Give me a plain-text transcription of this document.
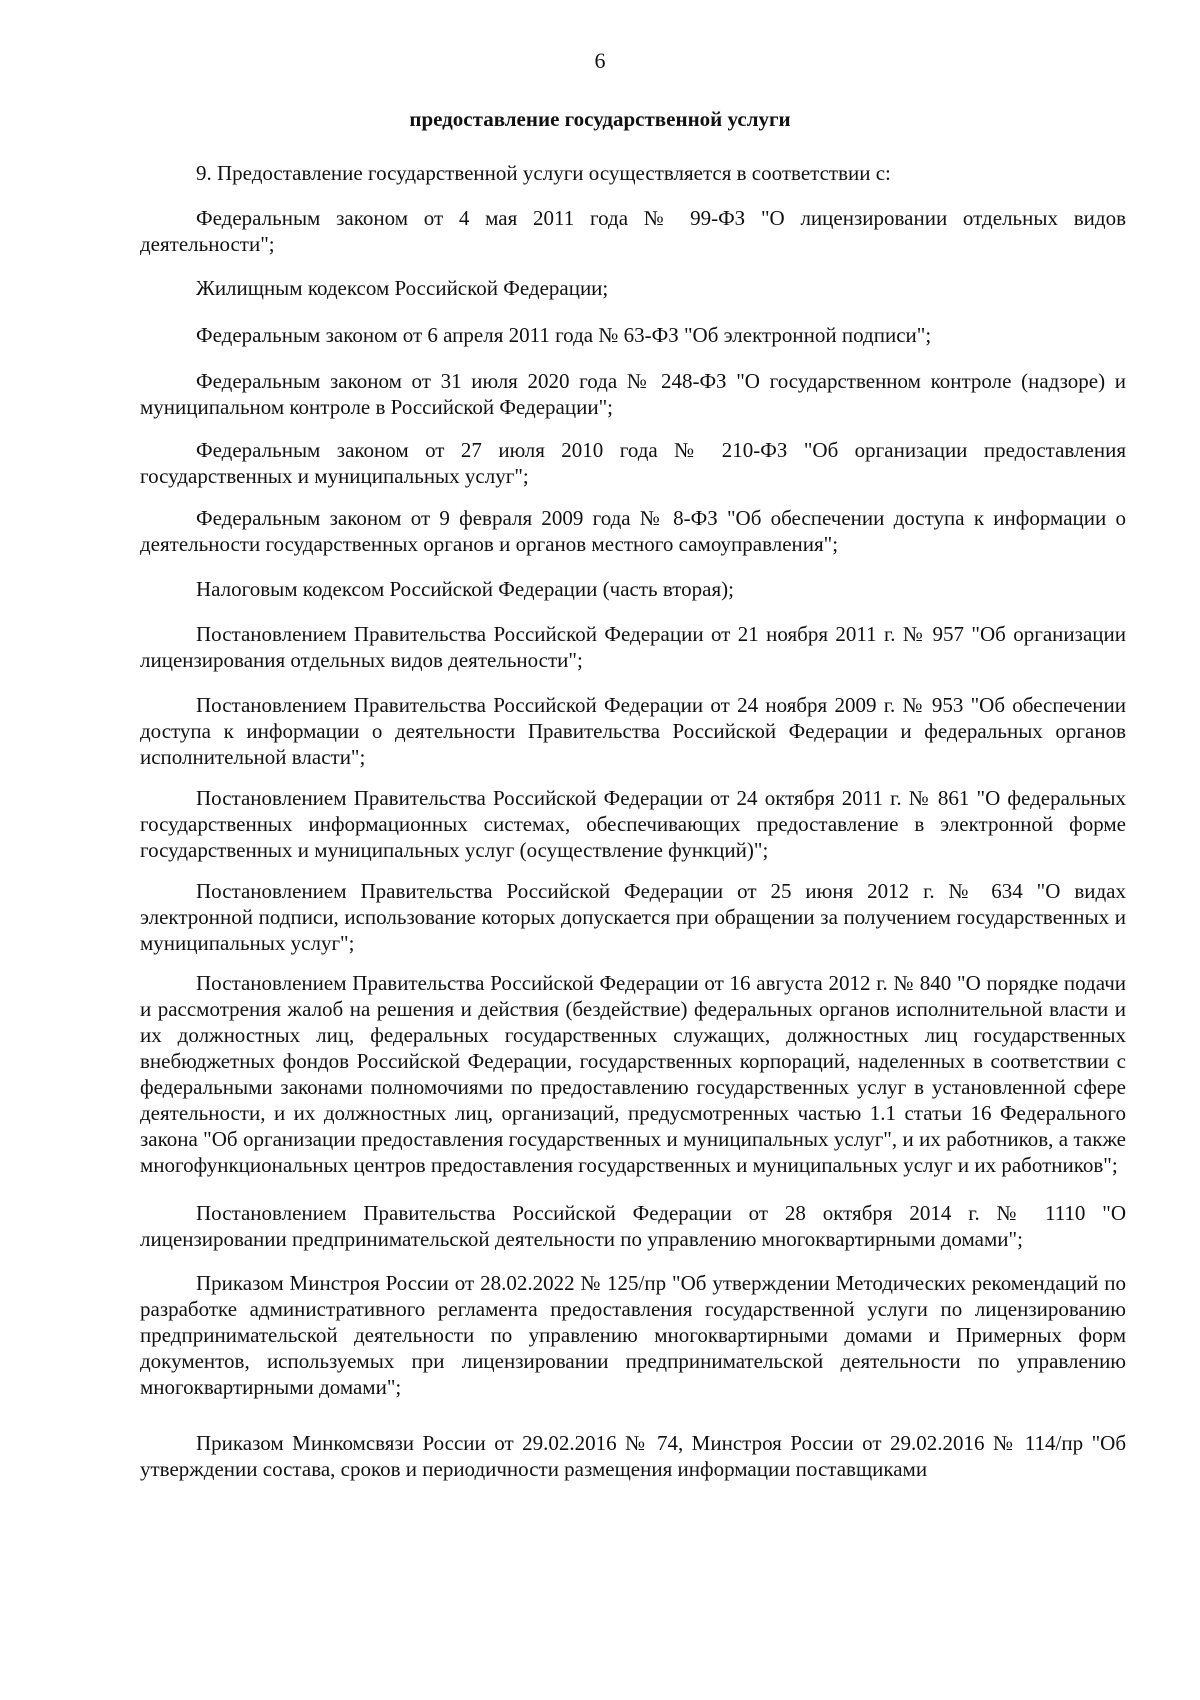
6
предоставление государственной услуги

9. Предоставление государственной услуги осуществляется в соответствии с:

Федеральным законом от 4 мая 2011 года № 99-ФЗ "О лицензировании отдельных видов деятельности";

Жилищным кодексом Российской Федерации;

Федеральным законом от 6 апреля 2011 года № 63-ФЗ "Об электронной подписи";

Федеральным законом от 31 июля 2020 года № 248-ФЗ "О государственном контроле (надзоре) и муниципальном контроле в Российской Федерации";

Федеральным законом от 27 июля 2010 года № 210-ФЗ "Об организации предоставления государственных и муниципальных услуг";

Федеральным законом от 9 февраля 2009 года № 8-ФЗ "Об обеспечении доступа к информации о деятельности государственных органов и органов местного самоуправления";

Налоговым кодексом Российской Федерации (часть вторая);

Постановлением Правительства Российской Федерации от 21 ноября 2011 г. № 957 "Об организации лицензирования отдельных видов деятельности";

Постановлением Правительства Российской Федерации от 24 ноября 2009 г. № 953 "Об обеспечении доступа к информации о деятельности Правительства Российской Федерации и федеральных органов исполнительной власти";

Постановлением Правительства Российской Федерации от 24 октября 2011 г. № 861 "О федеральных государственных информационных системах, обеспечивающих предоставление в электронной форме государственных и муниципальных услуг (осуществление функций)";

Постановлением Правительства Российской Федерации от 25 июня 2012 г. № 634 "О видах электронной подписи, использование которых допускается при обращении за получением государственных и муниципальных услуг";

Постановлением Правительства Российской Федерации от 16 августа 2012 г. № 840 "О порядке подачи и рассмотрения жалоб на решения и действия (бездействие) федеральных органов исполнительной власти и их должностных лиц, федеральных государственных служащих, должностных лиц государственных внебюджетных фондов Российской Федерации, государственных корпораций, наделенных в соответствии с федеральными законами полномочиями по предоставлению государственных услуг в установленной сфере деятельности, и их должностных лиц, организаций, предусмотренных частью 1.1 статьи 16 Федерального закона "Об организации предоставления государственных и муниципальных услуг", и их работников, а также многофункциональных центров предоставления государственных и муниципальных услуг и их работников";

Постановлением Правительства Российской Федерации от 28 октября 2014 г. № 1110 "О лицензировании предпринимательской деятельности по управлению многоквартирными домами";

Приказом Минстроя России от 28.02.2022 № 125/пр "Об утверждении Методических рекомендаций по разработке административного регламента предоставления государственной услуги по лицензированию предпринимательской деятельности по управлению многоквартирными домами и Примерных форм документов, используемых при лицензировании предпринимательской деятельности по управлению многоквартирными домами";

Приказом Минкомсвязи России от 29.02.2016 № 74, Минстроя России от 29.02.2016 № 114/пр "Об утверждении состава, сроков и периодичности размещения информации поставщиками
